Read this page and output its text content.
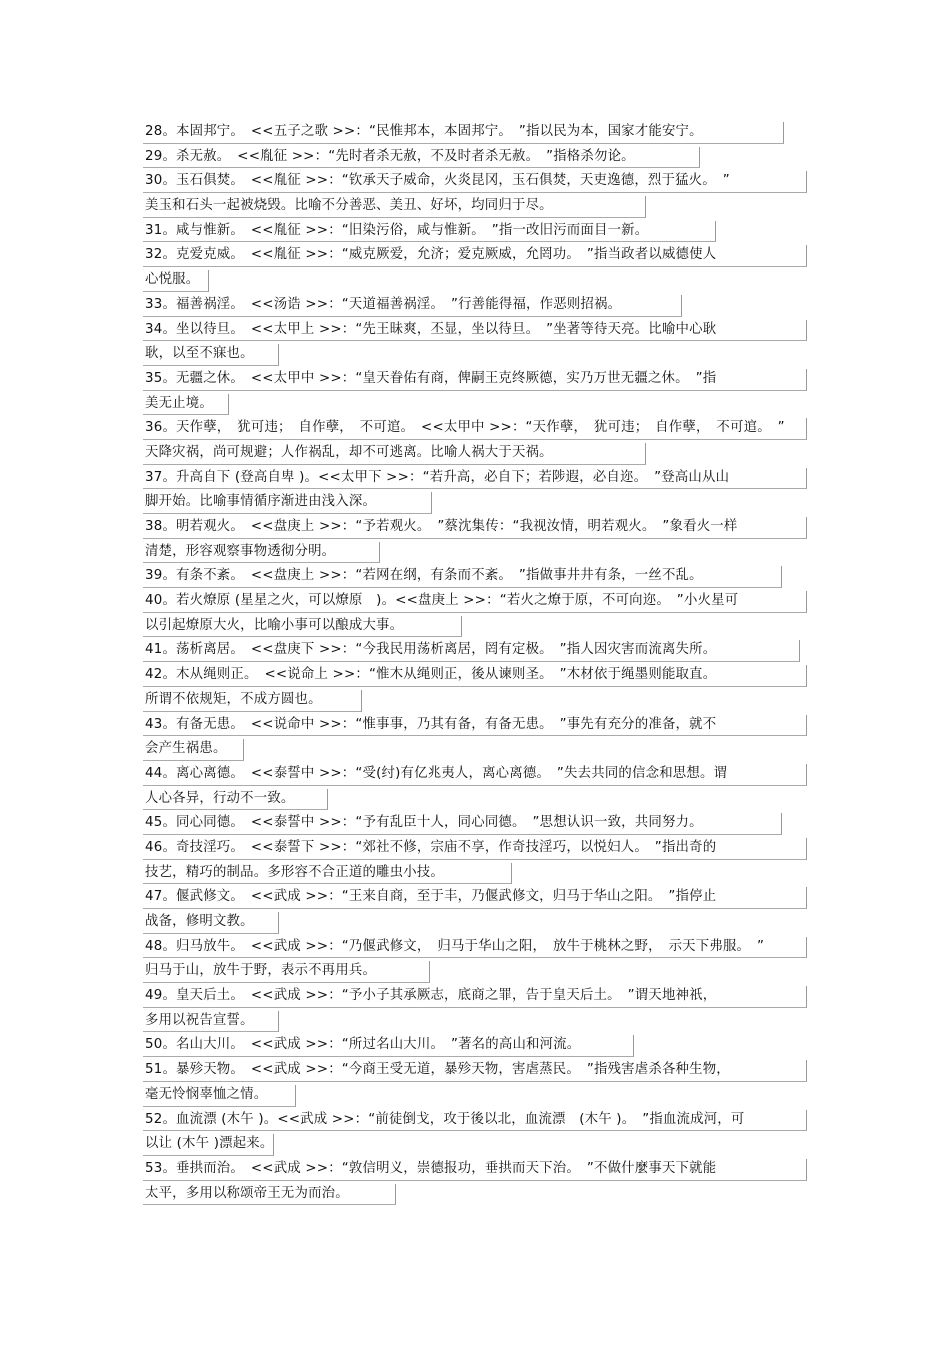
28。本固邦宁。　<<五子之歌 >>：“民惟邦本，本固邦宁。　”指以民为本，国家才能安宁。
29。杀无赦。　<<胤征 >>：“先时者杀无赦，不及时者杀无赦。　”指格杀勿论。
30。玉石俱焚。　<<胤征 >>：“钦承天子威命，火炎昆冈，玉石俱焚，天吏逸德，烈于猛火。　”
美玉和石头一起被烧毁。比喻不分善恶、美丑、好坏，均同归于尽。
31。咸与惟新。　<<胤征 >>：“旧染污俗，咸与惟新。　”指一改旧污而面目一新。
32。克爱克威。　<<胤征 >>：“威克厥爱，允济；爱克厥威，允罔功。　”指当政者以威德使人
心悦服。
33。福善祸淫。　<<汤诰 >>：“天道福善祸淫。　”行善能得福，作恶则招祸。
34。坐以待旦。　<<太甲上 >>：“先王昧爽，丕显，坐以待旦。　”坐著等待天亮。比喻中心耿
耿，以至不寐也。
35。无疆之休。　<<太甲中 >>：“皇天眷佑有商，俾嗣王克终厥德，实乃万世无疆之休。　”指
美无止境。
36。天作孽，　犹可违；　自作孽，　不可逭。　<<太甲中 >>：“天作孽，　犹可违；　自作孽，　不可逭。　”
天降灾祸，尚可规避；人作祸乱，却不可逃离。比喻人祸大于天祸。
37。升高自下 (登高自卑 )。<<太甲下 >>：“若升高，必自下；若陟遐，必自迩。　”登高山从山
脚开始。比喻事情循序渐进由浅入深。
38。明若观火。　<<盘庚上 >>：“予若观火。　”蔡沈集传：“我视汝情，明若观火。　”象看火一样
清楚，形容观察事物透彻分明。
39。有条不紊。　<<盘庚上 >>：“若网在纲，有条而不紊。　”指做事井井有条，一丝不乱。
40。若火燎原 (星星之火，可以燎原　)。<<盘庚上 >>：“若火之燎于原，不可向迩。　”小火星可
以引起燎原大火，比喻小事可以酿成大事。
41。荡析离居。　<<盘庚下 >>：“今我民用荡析离居，罔有定极。　”指人因灾害而流离失所。
42。木从绳则正。　<<说命上 >>：“惟木从绳则正，後从谏则圣。　”木材依于绳墨则能取直。
所谓不依规矩，不成方圆也。
43。有备无患。　<<说命中 >>：“惟事事，乃其有备，有备无患。　”事先有充分的准备，就不
会产生祸患。
44。离心离德。　<<泰誓中 >>：“受(纣)有亿兆夷人，离心离德。　”失去共同的信念和思想。谓
人心各异，行动不一致。
45。同心同德。　<<泰誓中 >>：“予有乱臣十人，同心同德。　”思想认识一致，共同努力。
46。奇技淫巧。　<<泰誓下 >>：“郊社不修，宗庙不享，作奇技淫巧，以悦妇人。　”指出奇的
技艺，精巧的制品。多形容不合正道的雕虫小技。
47。偃武修文。　<<武成 >>：“王来自商，至于丰，乃偃武修文，归马于华山之阳。　”指停止
战备，修明文教。
48。归马放牛。　<<武成 >>：“乃偃武修文，　归马于华山之阳，　放牛于桃林之野，　示天下弗服。　”
归马于山，放牛于野，表示不再用兵。
49。皇天后土。　<<武成 >>：“予小子其承厥志，底商之罪，告于皇天后土。　”谓天地神祇，
多用以祝告宣誓。
50。名山大川。　<<武成 >>：“所过名山大川。　”著名的高山和河流。
51。暴殄天物。　<<武成 >>：“今商王受无道，暴殄天物，害虐蒸民。　”指残害虐杀各种生物，
毫无怜悯辜恤之情。
52。血流漂 (木午 )。<<武成 >>：“前徒倒戈，攻于後以北，血流漂　(木午 )。　”指血流成河，可
以让 (木午 )漂起来。
53。垂拱而治。　<<武成 >>：“敦信明义，崇德报功，垂拱而天下治。　”不做什麼事天下就能
太平，多用以称颂帝王无为而治。
